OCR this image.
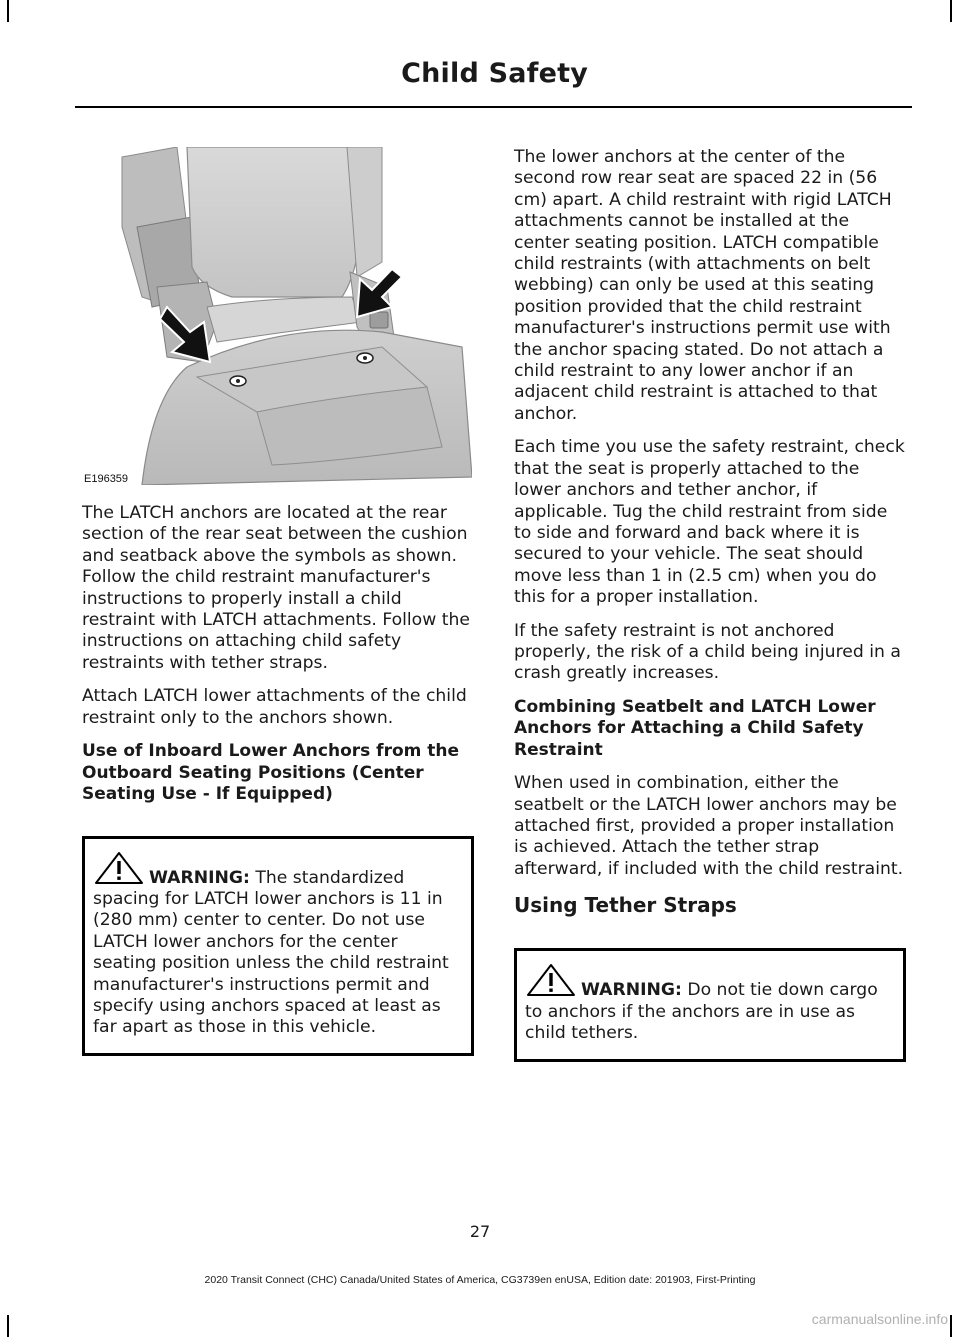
Child Safety
E196359

The LATCH anchors are located at the rear section of the rear seat between the cushion and seatback above the symbols as shown. Follow the child restraint manufacturer's instructions to properly install a child restraint with LATCH attachments. Follow the instructions on attaching child safety restraints with tether straps.

Attach LATCH lower attachments of the child restraint only to the anchors shown.

Use of Inboard Lower Anchors from the Outboard Seating Positions (Center Seating Use - If Equipped)
WARNING: The standardized spacing for LATCH lower anchors is 11 in (280 mm) center to center. Do not use LATCH lower anchors for the center seating position unless the child restraint manufacturer's instructions permit and specify using anchors spaced at least as far apart as those in this vehicle.

The lower anchors at the center of the second row rear seat are spaced 22 in (56 cm) apart. A child restraint with rigid LATCH attachments cannot be installed at the center seating position. LATCH compatible child restraints (with attachments on belt webbing) can only be used at this seating position provided that the child restraint manufacturer's instructions permit use with the anchor spacing stated. Do not attach a child restraint to any lower anchor if an adjacent child restraint is attached to that anchor.

Each time you use the safety restraint, check that the seat is properly attached to the lower anchors and tether anchor, if applicable. Tug the child restraint from side to side and forward and back where it is secured to your vehicle. The seat should move less than 1 in (2.5 cm) when you do this for a proper installation.

If the safety restraint is not anchored properly, the risk of a child being injured in a crash greatly increases.

Combining Seatbelt and LATCH Lower Anchors for Attaching a Child Safety Restraint

When used in combination, either the seatbelt or the LATCH lower anchors may be attached first, provided a proper installation is achieved. Attach the tether strap afterward, if included with the child restraint.

Using Tether Straps
WARNING: Do not tie down cargo to anchors if the anchors are in use as child tethers.
27
2020 Transit Connect (CHC) Canada/United States of America, CG3739en enUSA, Edition date: 201903, First-Printing
carmanualsonline.info
